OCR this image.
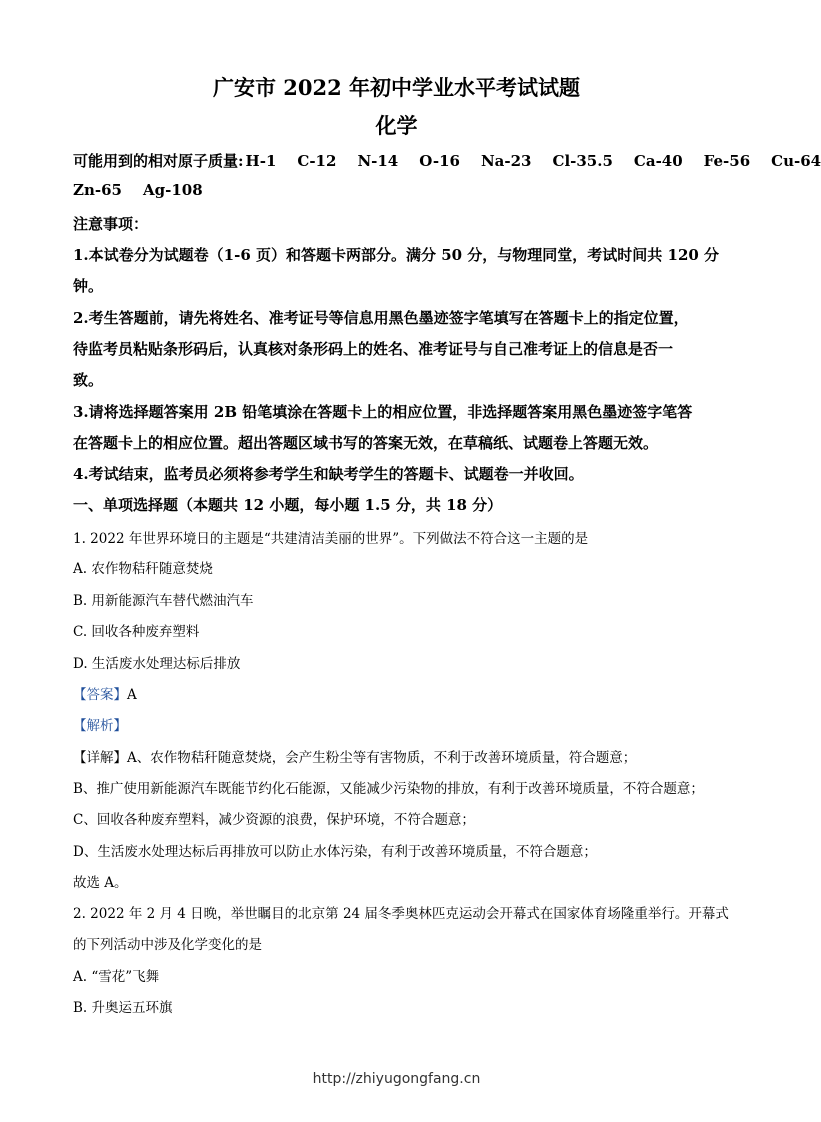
广安市 2022 年初中学业水平考试试题
化学
可能用到的相对原子质量: H-1 C-12 N-14 O-16 Na-23 Cl-35.5 Ca-40 Fe-56 Cu-64
Zn-65 Ag-108
注意事项：
1.本试卷分为试题卷（1-6 页）和答题卡两部分。满分 50 分，与物理同堂，考试时间共 120 分
钟。
2.考生答题前，请先将姓名、准考证号等信息用黑色墨迹签字笔填写在答题卡上的指定位置，
待监考员粘贴条形码后，认真核对条形码上的姓名、准考证号与自己准考证上的信息是否一
致。
3.请将选择题答案用 2B 铅笔填涂在答题卡上的相应位置，非选择题答案用黑色墨迹签字笔答
在答题卡上的相应位置。超出答题区域书写的答案无效，在草稿纸、试题卷上答题无效。
4.考试结束，监考员必须将参考学生和缺考学生的答题卡、试题卷一并收回。
一、单项选择题（本题共 12 小题，每小题 1.5 分，共 18 分）
1. 2022 年世界环境日的主题是“共建清洁美丽的世界”。下列做法不符合这一主题的是
A. 农作物秸秆随意焚烧
B. 用新能源汽车替代燃油汽车
C. 回收各种废弃塑料
D. 生活废水处理达标后排放
【答案】A
【解析】
【详解】A、农作物秸秆随意焚烧，会产生粉尘等有害物质，不利于改善环境质量，符合题意；
B、推广使用新能源汽车既能节约化石能源，又能减少污染物的排放，有利于改善环境质量，不符合题意；
C、回收各种废弃塑料，减少资源的浪费，保护环境，不符合题意；
D、生活废水处理达标后再排放可以防止水体污染，有利于改善环境质量，不符合题意；
故选 A。
2. 2022 年 2 月 4 日晚，举世瞩目的北京第 24 届冬季奥林匹克运动会开幕式在国家体育场隆重举行。开幕式
的下列活动中涉及化学变化的是
A. “雪花”飞舞
B. 升奥运五环旗
http://zhiyugongfang.cn
